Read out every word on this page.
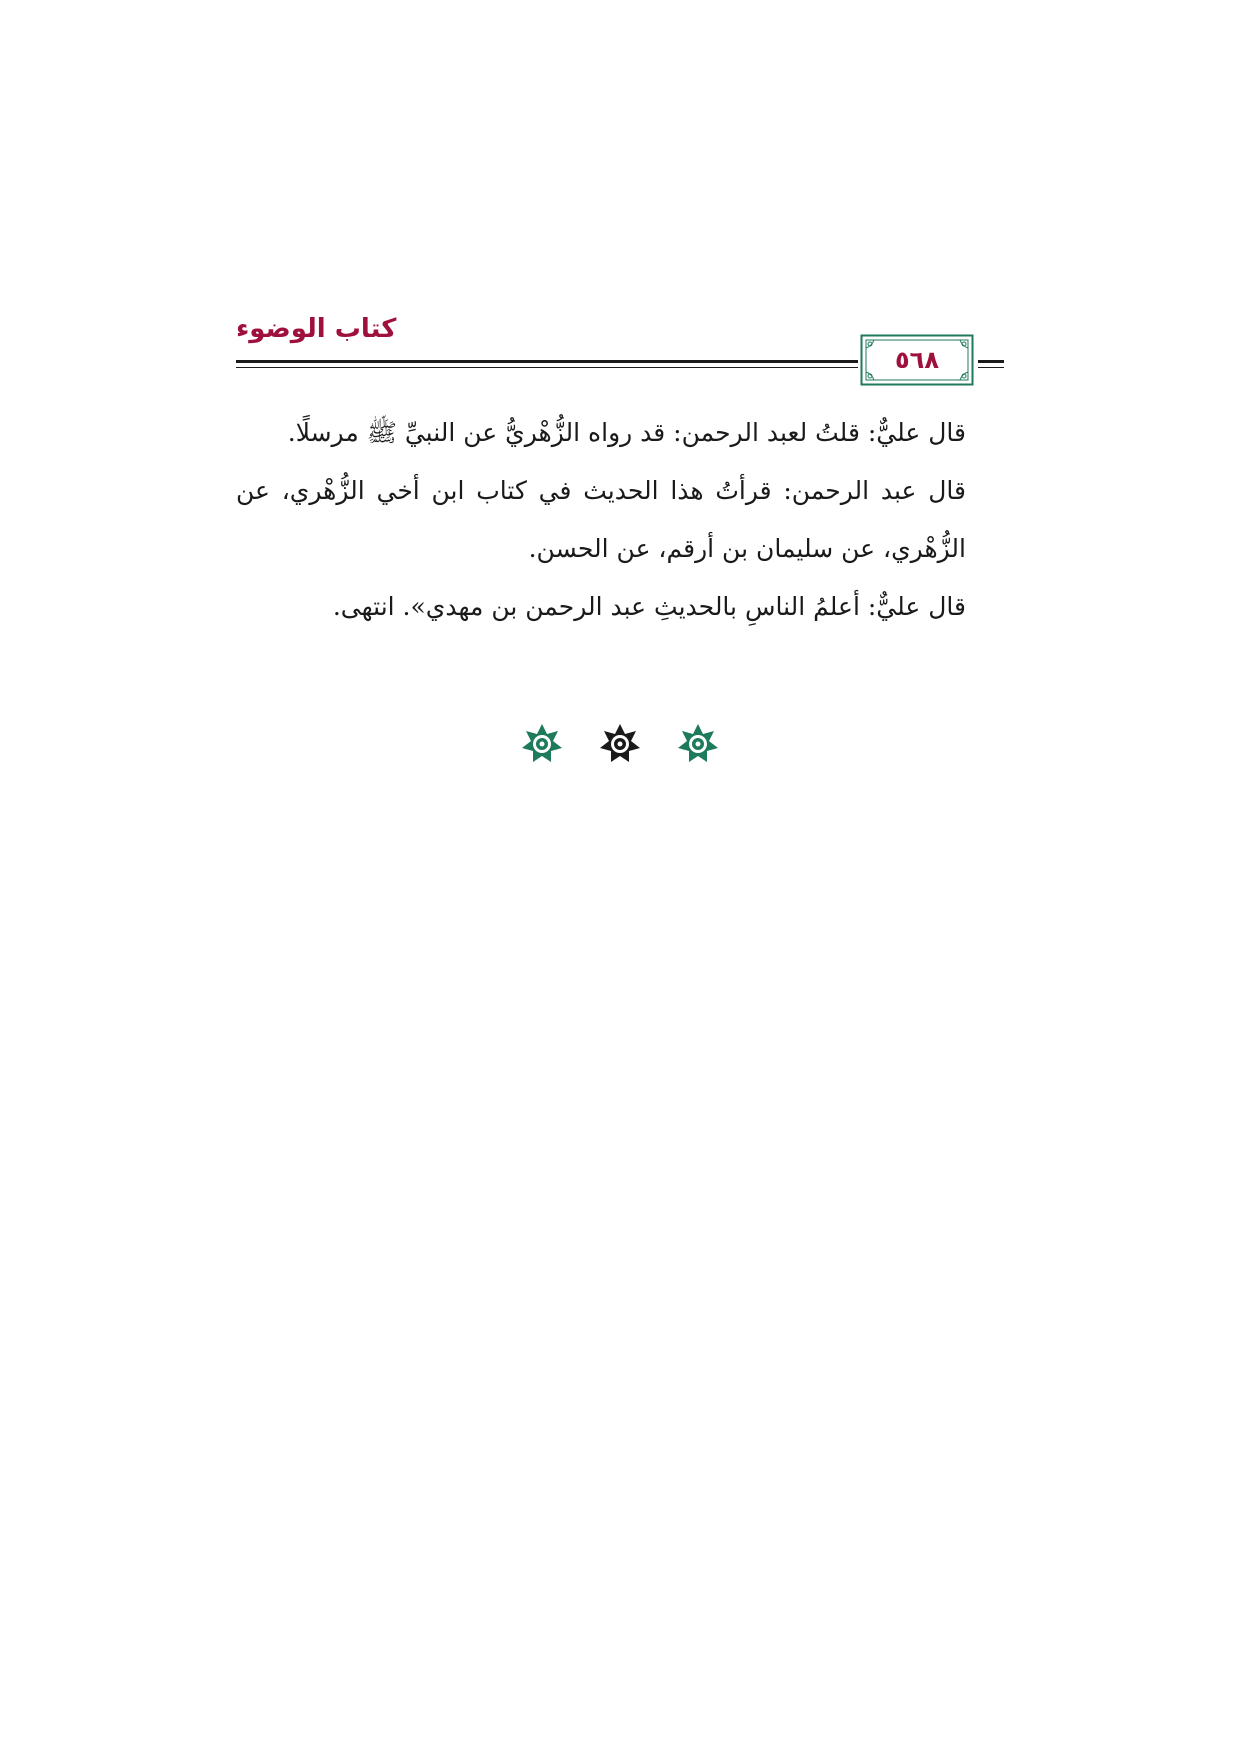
كتاب الوضوء
٥٦٨

قال عليٌّ: قلتُ لعبد الرحمن: قد رواه الزُّهْريُّ عن النبيِّ ﷺ مرسلًا.

قال عبد الرحمن: قرأتُ هذا الحديث في كتاب ابن أخي الزُّهْري، عن الزُّهْري، عن سليمان بن أرقم، عن الحسن.

قال عليٌّ: أعلمُ الناسِ بالحديثِ عبد الرحمن بن مهدي». انتهى.
